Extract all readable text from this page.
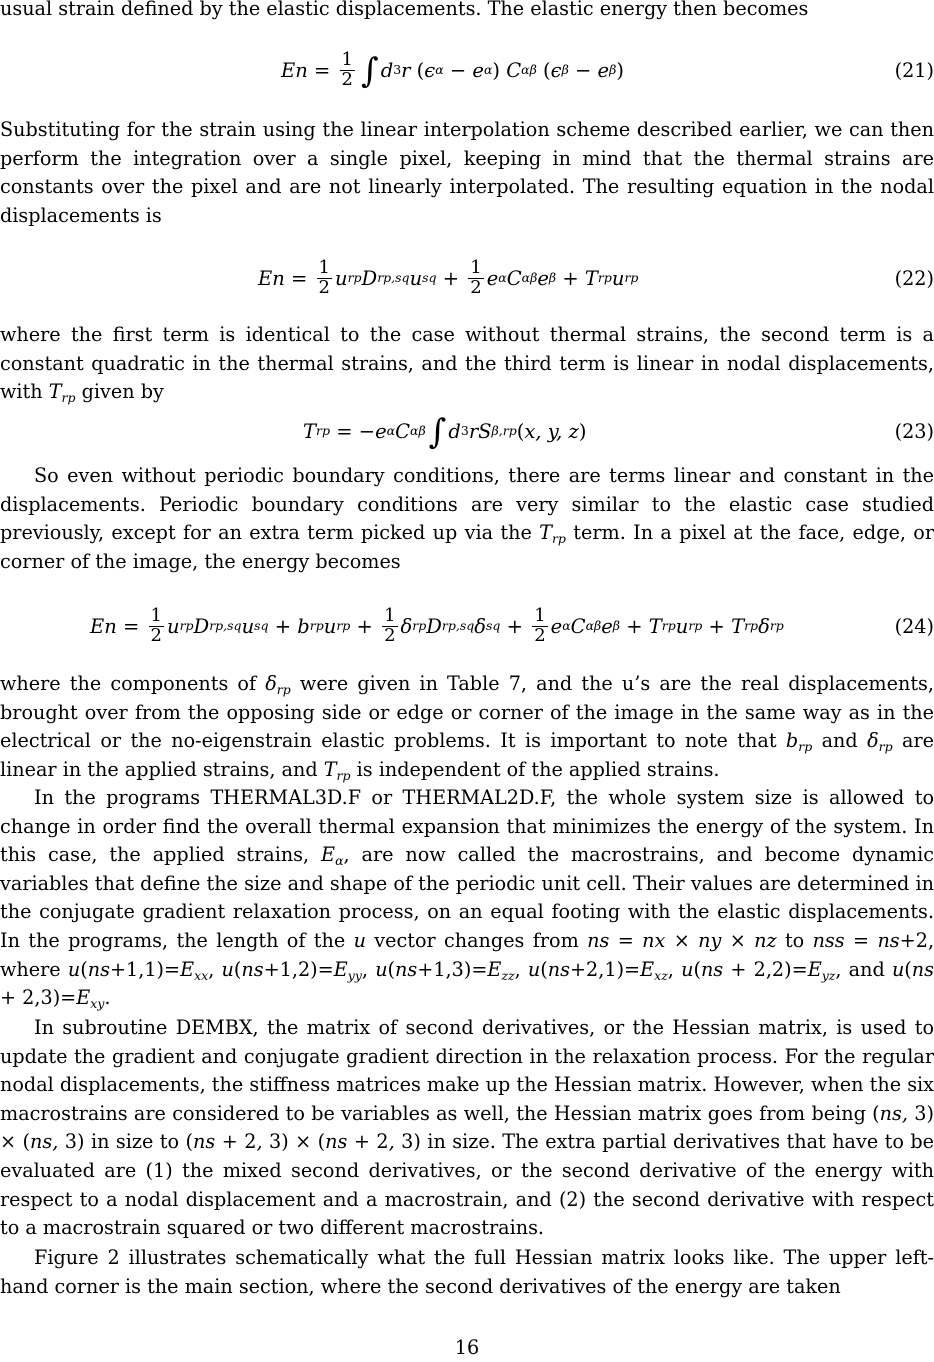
usual strain defined by the elastic displacements. The elastic energy then becomes
$En = \frac{1}{2}$ ∫ d 3 r ( ϵ α − e α ) C αβ ( ϵ β − e β )	(21)
Substituting for the strain using the linear interpolation scheme described earlier, we can then perform the integration over a single pixel, keeping in mind that the thermal strains are constants over the pixel and are not linearly interpolated. The resulting equation in the nodal displacements is
$En = \frac{1}{2}$ u rp D rp,sq u sq + $\frac{1}{2}$ e α C αβ e β + T rp u rp	(22)
where the first term is identical to the case without thermal strains, the second term is a constant quadratic in the thermal strains, and the third term is linear in nodal displacements, with $T_{rp}$ given by
T rp = − e α C αβ ∫ d 3 rS β,rp ( x, y, z )	(23)
So even without periodic boundary conditions, there are terms linear and constant in the displacements. Periodic boundary conditions are very similar to the elastic case studied previously, except for an extra term picked up via the $T_{rp}$ term. In a pixel at the face, edge, or corner of the image, the energy becomes
$En = \frac{1}{2}$ u rp D rp,sq u sq + b rp u rp + $\frac{1}{2}$ δ rp D rp,sq δ sq + $\frac{1}{2}$ e α C αβ e β + T rp u rp + T rp δ rp	(24)
where the components of $\delta_{rp}$ were given in Table 7, and the u’s are the real displacements, brought over from the opposing side or edge or corner of the image in the same way as in the electrical or the no-eigenstrain elastic problems. It is important to note that $b_{rp}$ and $\delta_{rp}$ are linear in the applied strains, and $T_{rp}$ is independent of the applied strains.
In the programs THERMAL3D.F or THERMAL2D.F, the whole system size is allowed to change in order find the overall thermal expansion that minimizes the energy of the system. In this case, the applied strains, $E_\alpha$, are now called the macrostrains, and become dynamic variables that define the size and shape of the periodic unit cell. Their values are determined in the conjugate gradient relaxation process, on an equal footing with the elastic displacements. In the programs, the length of the u vector changes from ns = nx × ny × nz to nss = ns+2, where $u(ns+1,1)=E_{xx}$, $u(ns+1,2)=E_{yy}$, $u(ns+1,3)=E_{zz}$, $u(ns+2,1)=E_{xz}$, $u(ns + 2,2)=E_{yz}$, and $u(ns + 2,3)=E_{xy}$.
In subroutine DEMBX, the matrix of second derivatives, or the Hessian matrix, is used to update the gradient and conjugate gradient direction in the relaxation process. For the regular nodal displacements, the stiffness matrices make up the Hessian matrix. However, when the six macrostrains are considered to be variables as well, the Hessian matrix goes from being (ns, 3) × (ns, 3) in size to (ns + 2, 3) × (ns + 2, 3) in size. The extra partial derivatives that have to be evaluated are (1) the mixed second derivatives, or the second derivative of the energy with respect to a nodal displacement and a macrostrain, and (2) the second derivative with respect to a macrostrain squared or two different macrostrains.
Figure 2 illustrates schematically what the full Hessian matrix looks like. The upper left-hand corner is the main section, where the second derivatives of the energy are taken
16
